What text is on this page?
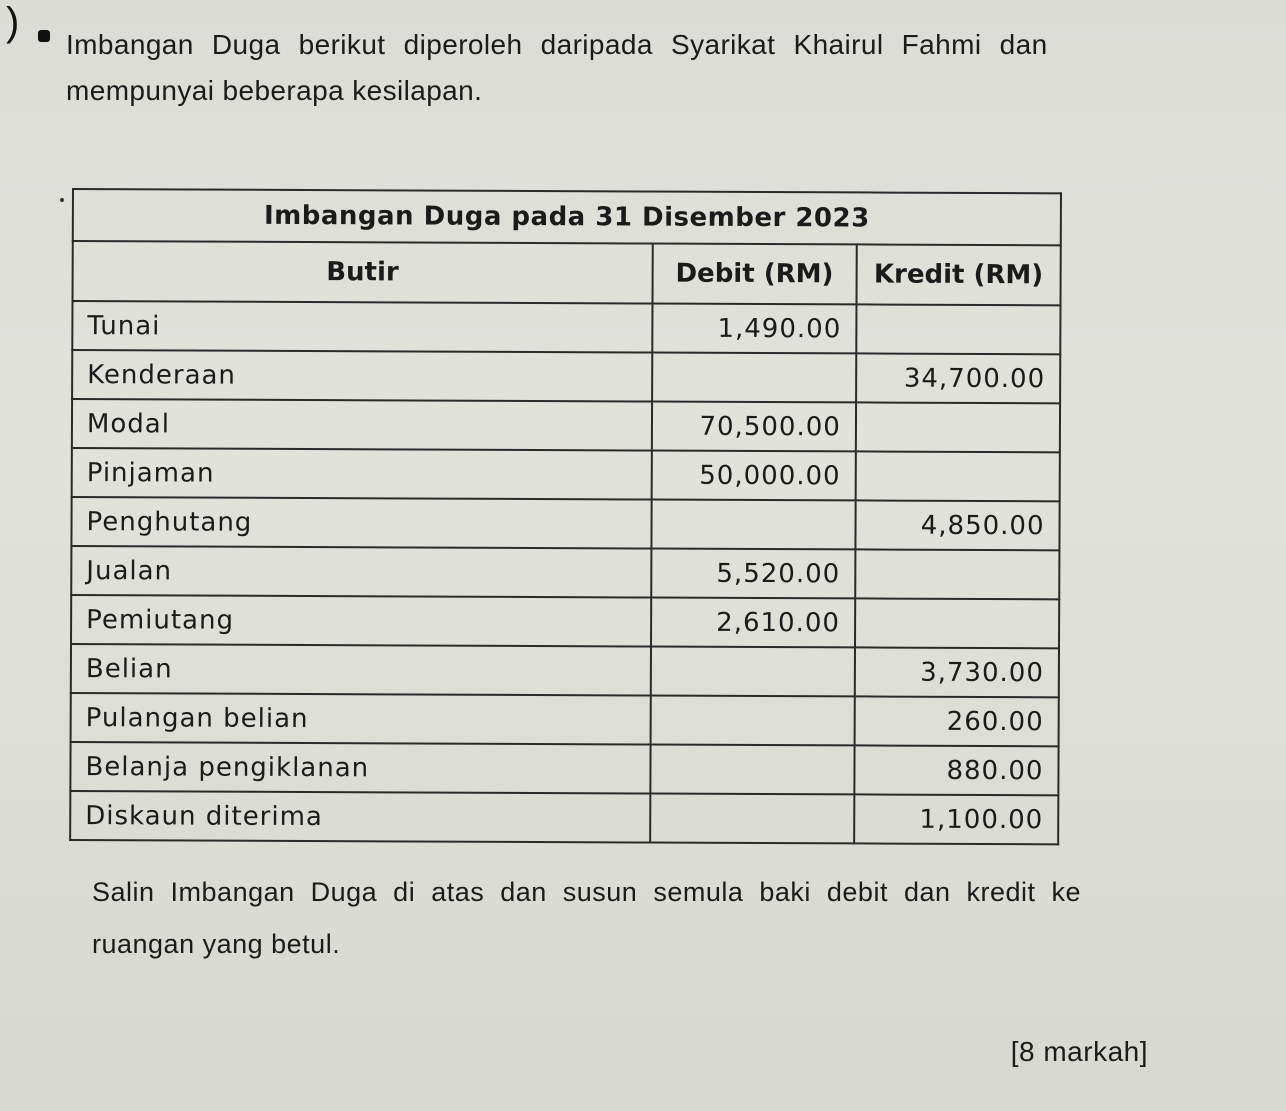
)

Imbangan Duga berikut diperoleh daripada Syarikat Khairul Fahmi dan
mempunyai beberapa kesilapan.

Imbangan Duga pada 31 Disember 2023		
Butir	Debit (RM)	Kredit (RM)
Tunai	1,490.00	
Kenderaan		34,700.00
Modal	70,500.00	
Pinjaman	50,000.00	
Penghutang		4,850.00
Jualan	5,520.00	
Pemiutang	2,610.00	
Belian		3,730.00
Pulangan belian		260.00
Belanja pengiklanan		880.00
Diskaun diterima		1,100.00

Salin Imbangan Duga di atas dan susun semula baki debit dan kredit ke
ruangan yang betul.

[8 markah]
